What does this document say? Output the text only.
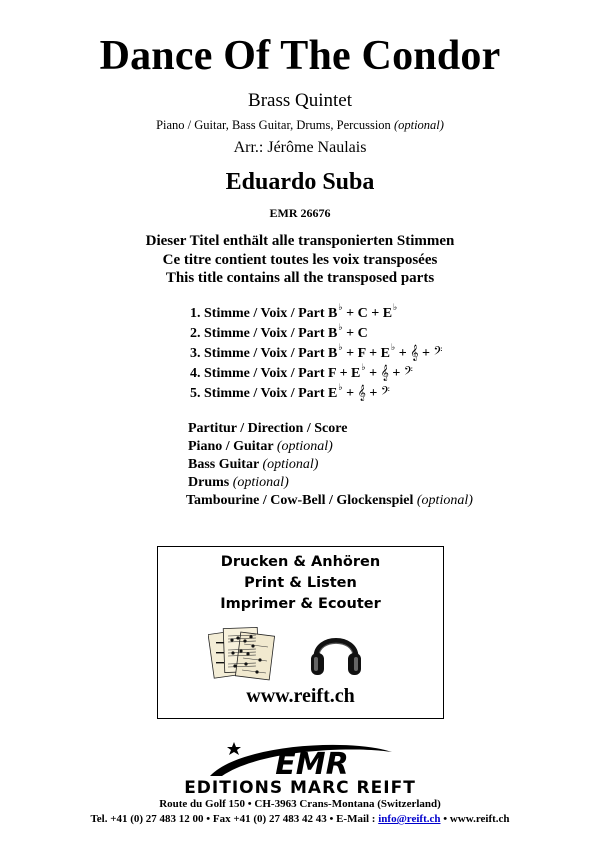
Dance Of The Condor
Brass Quintet
Piano / Guitar, Bass Guitar, Drums, Percussion (optional)
Arr.: Jérôme Naulais
Eduardo Suba
EMR 26676
Dieser Titel enthält alle transponierten Stimmen
Ce titre contient toutes les voix transposées
This title contains all the transposed parts
1. Stimme / Voix / Part B♭ + C + E♭
2. Stimme / Voix / Part B♭ + C
3. Stimme / Voix / Part B♭ + F + E♭ + 𝄞 + 𝄢
4. Stimme / Voix / Part F + E♭ + 𝄞 + 𝄢
5. Stimme / Voix / Part E♭ + 𝄞 + 𝄢
Partitur / Direction / Score
Piano / Guitar (optional)
Bass Guitar (optional)
Drums (optional)
Tambourine / Cow-Bell / Glockenspiel (optional)
Drucken & Anhören
Print & Listen
Imprimer & Ecouter
www.reift.ch
EMR
EDITIONS MARC REIFT
Route du Golf 150 • CH-3963 Crans-Montana (Switzerland)
Tel. +41 (0) 27 483 12 00 • Fax +41 (0) 27 483 42 43 • E-Mail : info@reift.ch • www.reift.ch
